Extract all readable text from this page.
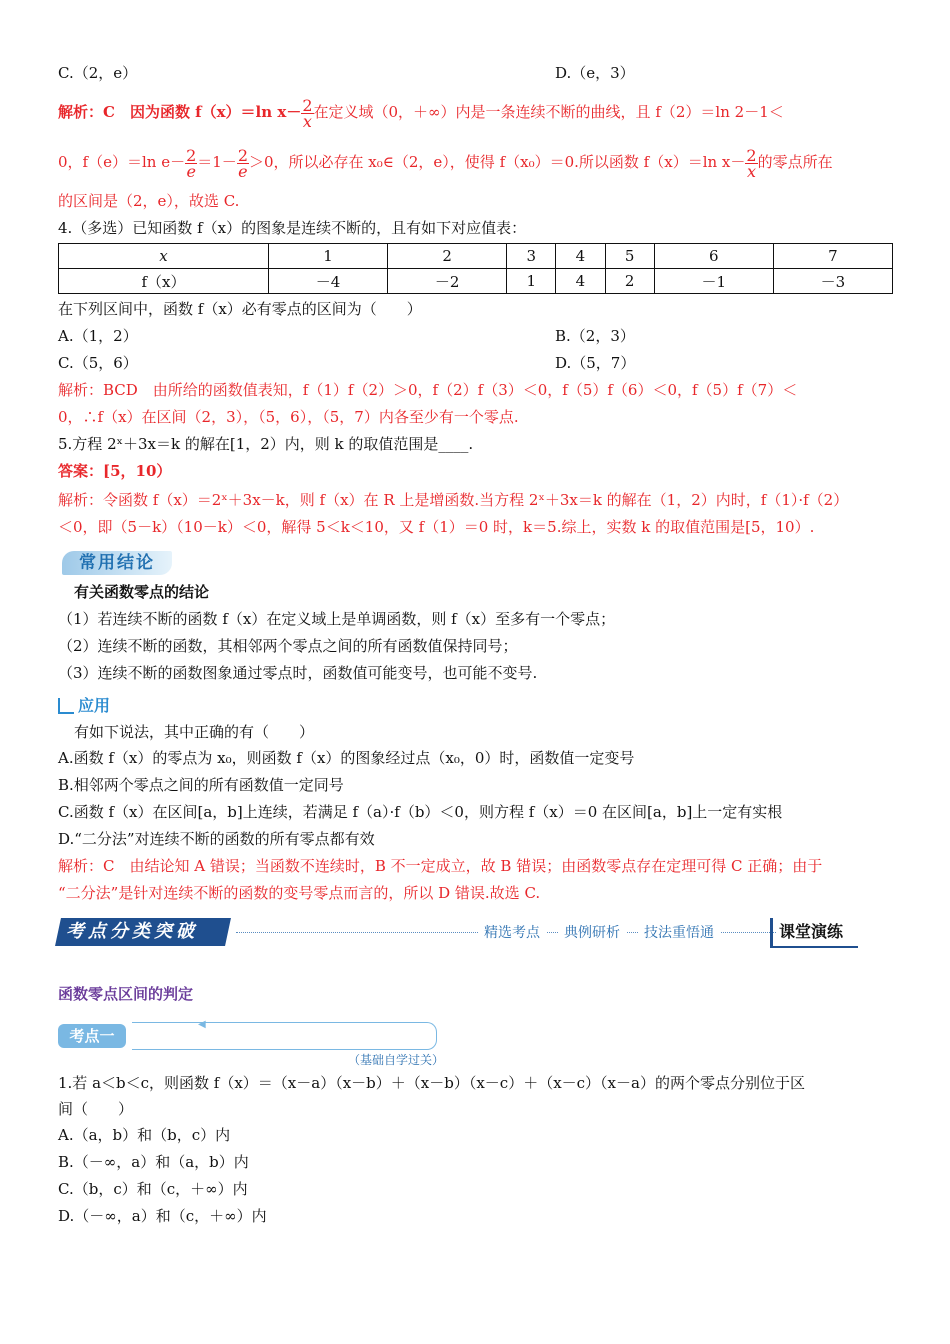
C.（2，e）	D.（e，3）
解析：C　因为函数 f（x）＝ln $x- \frac{2}{x}$在定义域（0，＋∞）内是一条连续不断的曲线，且 f（2）＝ln 2－1＜
0，f（e）＝ln $e- \frac{2}{e}=1- \frac{2}{e}>0$，所以必存在 x₀∈（2，e），使得 f（x₀）＝0.所以函数 f（x）＝ln $x- \frac{2}{x}$的零点所在
的区间是（2，e），故选 C.
4.（多选）已知函数 f（x）的图象是连续不断的，且有如下对应值表：
x	1	2	3	4	5	6	7
f（x）	－4	－2	1	4	2	－1	－3
在下列区间中，函数 f（x）必有零点的区间为（　　）
A.（1，2）	B.（2，3）
C.（5，6）	D.（5，7）
解析：BCD　由所给的函数值表知，f（1）f（2）＞0，f（2）f（3）＜0，f（5）f（6）＜0，f（5）f（7）＜
0，∴f（x）在区间（2，3），（5，6），（5，7）内各至少有一个零点.
5.方程 2ˣ＋3x＝k 的解在[1，2）内，则 k 的取值范围是____.
答案：[5，10）
解析：令函数 f（x）＝2ˣ＋3x－k，则 f（x）在 R 上是增函数.当方程 2ˣ＋3x＝k 的解在（1，2）内时，f（1）·f（2）
＜0，即（5－k）（10－k）＜0，解得 5＜k＜10，又 f（1）＝0 时，k＝5.综上，实数 k 的取值范围是[5，10）.
常用结论
有关函数零点的结论
（1）若连续不断的函数 f（x）在定义域上是单调函数，则 f（x）至多有一个零点；
（2）连续不断的函数，其相邻两个零点之间的所有函数值保持同号；
（3）连续不断的函数图象通过零点时，函数值可能变号，也可能不变号.
应用
有如下说法，其中正确的有（　　）
A.函数 f（x）的零点为 x₀，则函数 f（x）的图象经过点（x₀，0）时，函数值一定变号
B.相邻两个零点之间的所有函数值一定同号
C.函数 f（x）在区间[a，b]上连续，若满足 f（a）·f（b）＜0，则方程 f（x）＝0 在区间[a，b]上一定有实根
D.“二分法”对连续不断的函数的所有零点都有效
解析：C　由结论知 A 错误；当函数不连续时，B 不一定成立，故 B 错误；由函数零点存在定理可得 C 正确；由于
“二分法”是针对连续不断的函数的变号零点而言的，所以 D 错误.故选 C.
考点分类突破	精选考点	典例研析	技法重悟通	课堂演练
函数零点区间的判定
考点一
◀
（基础自学过关）
1.若 a＜b＜c，则函数 f（x）＝（x－a）（x－b）＋（x－b）（x－c）＋（x－c）（x－a）的两个零点分别位于区
间（　　）
A.（a，b）和（b，c）内
B.（－∞，a）和（a，b）内
C.（b，c）和（c，＋∞）内
D.（－∞，a）和（c，＋∞）内
